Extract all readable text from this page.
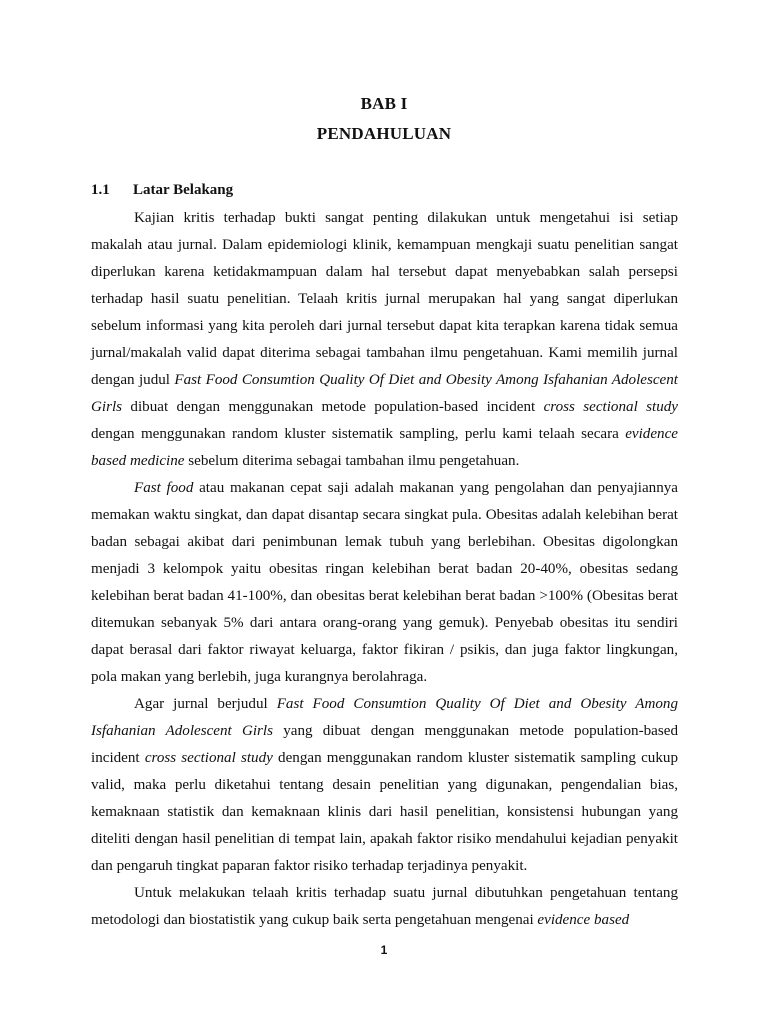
BAB I
PENDAHULUAN
1.1 Latar Belakang

Kajian kritis terhadap bukti sangat penting dilakukan untuk mengetahui isi setiap makalah atau jurnal. Dalam epidemiologi klinik, kemampuan mengkaji suatu penelitian sangat diperlukan karena ketidakmampuan dalam hal tersebut dapat menyebabkan salah persepsi terhadap hasil suatu penelitian. Telaah kritis jurnal merupakan hal yang sangat diperlukan sebelum informasi yang kita peroleh dari jurnal tersebut dapat kita terapkan karena tidak semua jurnal/makalah valid dapat diterima sebagai tambahan ilmu pengetahuan. Kami memilih jurnal dengan judul Fast Food Consumtion Quality Of Diet and Obesity Among Isfahanian Adolescent Girls dibuat dengan menggunakan metode population-based incident cross sectional study dengan menggunakan random kluster sistematik sampling, perlu kami telaah secara evidence based medicine sebelum diterima sebagai tambahan ilmu pengetahuan.

Fast food atau makanan cepat saji adalah makanan yang pengolahan dan penyajiannya memakan waktu singkat, dan dapat disantap secara singkat pula. Obesitas adalah kelebihan berat badan sebagai akibat dari penimbunan lemak tubuh yang berlebihan. Obesitas digolongkan menjadi 3 kelompok yaitu obesitas ringan kelebihan berat badan 20-40%, obesitas sedang kelebihan berat badan 41-100%, dan obesitas berat kelebihan berat badan >100% (Obesitas berat ditemukan sebanyak 5% dari antara orang-orang yang gemuk). Penyebab obesitas itu sendiri dapat berasal dari faktor riwayat keluarga, faktor fikiran / psikis, dan juga faktor lingkungan, pola makan yang berlebih, juga kurangnya berolahraga.

Agar jurnal berjudul Fast Food Consumtion Quality Of Diet and Obesity Among Isfahanian Adolescent Girls yang dibuat dengan menggunakan metode population-based incident cross sectional study dengan menggunakan random kluster sistematik sampling cukup valid, maka perlu diketahui tentang desain penelitian yang digunakan, pengendalian bias, kemaknaan statistik dan kemaknaan klinis dari hasil penelitian, konsistensi hubungan yang diteliti dengan hasil penelitian di tempat lain, apakah faktor risiko mendahului kejadian penyakit dan pengaruh tingkat paparan faktor risiko terhadap terjadinya penyakit.

Untuk melakukan telaah kritis terhadap suatu jurnal dibutuhkan pengetahuan tentang metodologi dan biostatistik yang cukup baik serta pengetahuan mengenai evidence based

1
